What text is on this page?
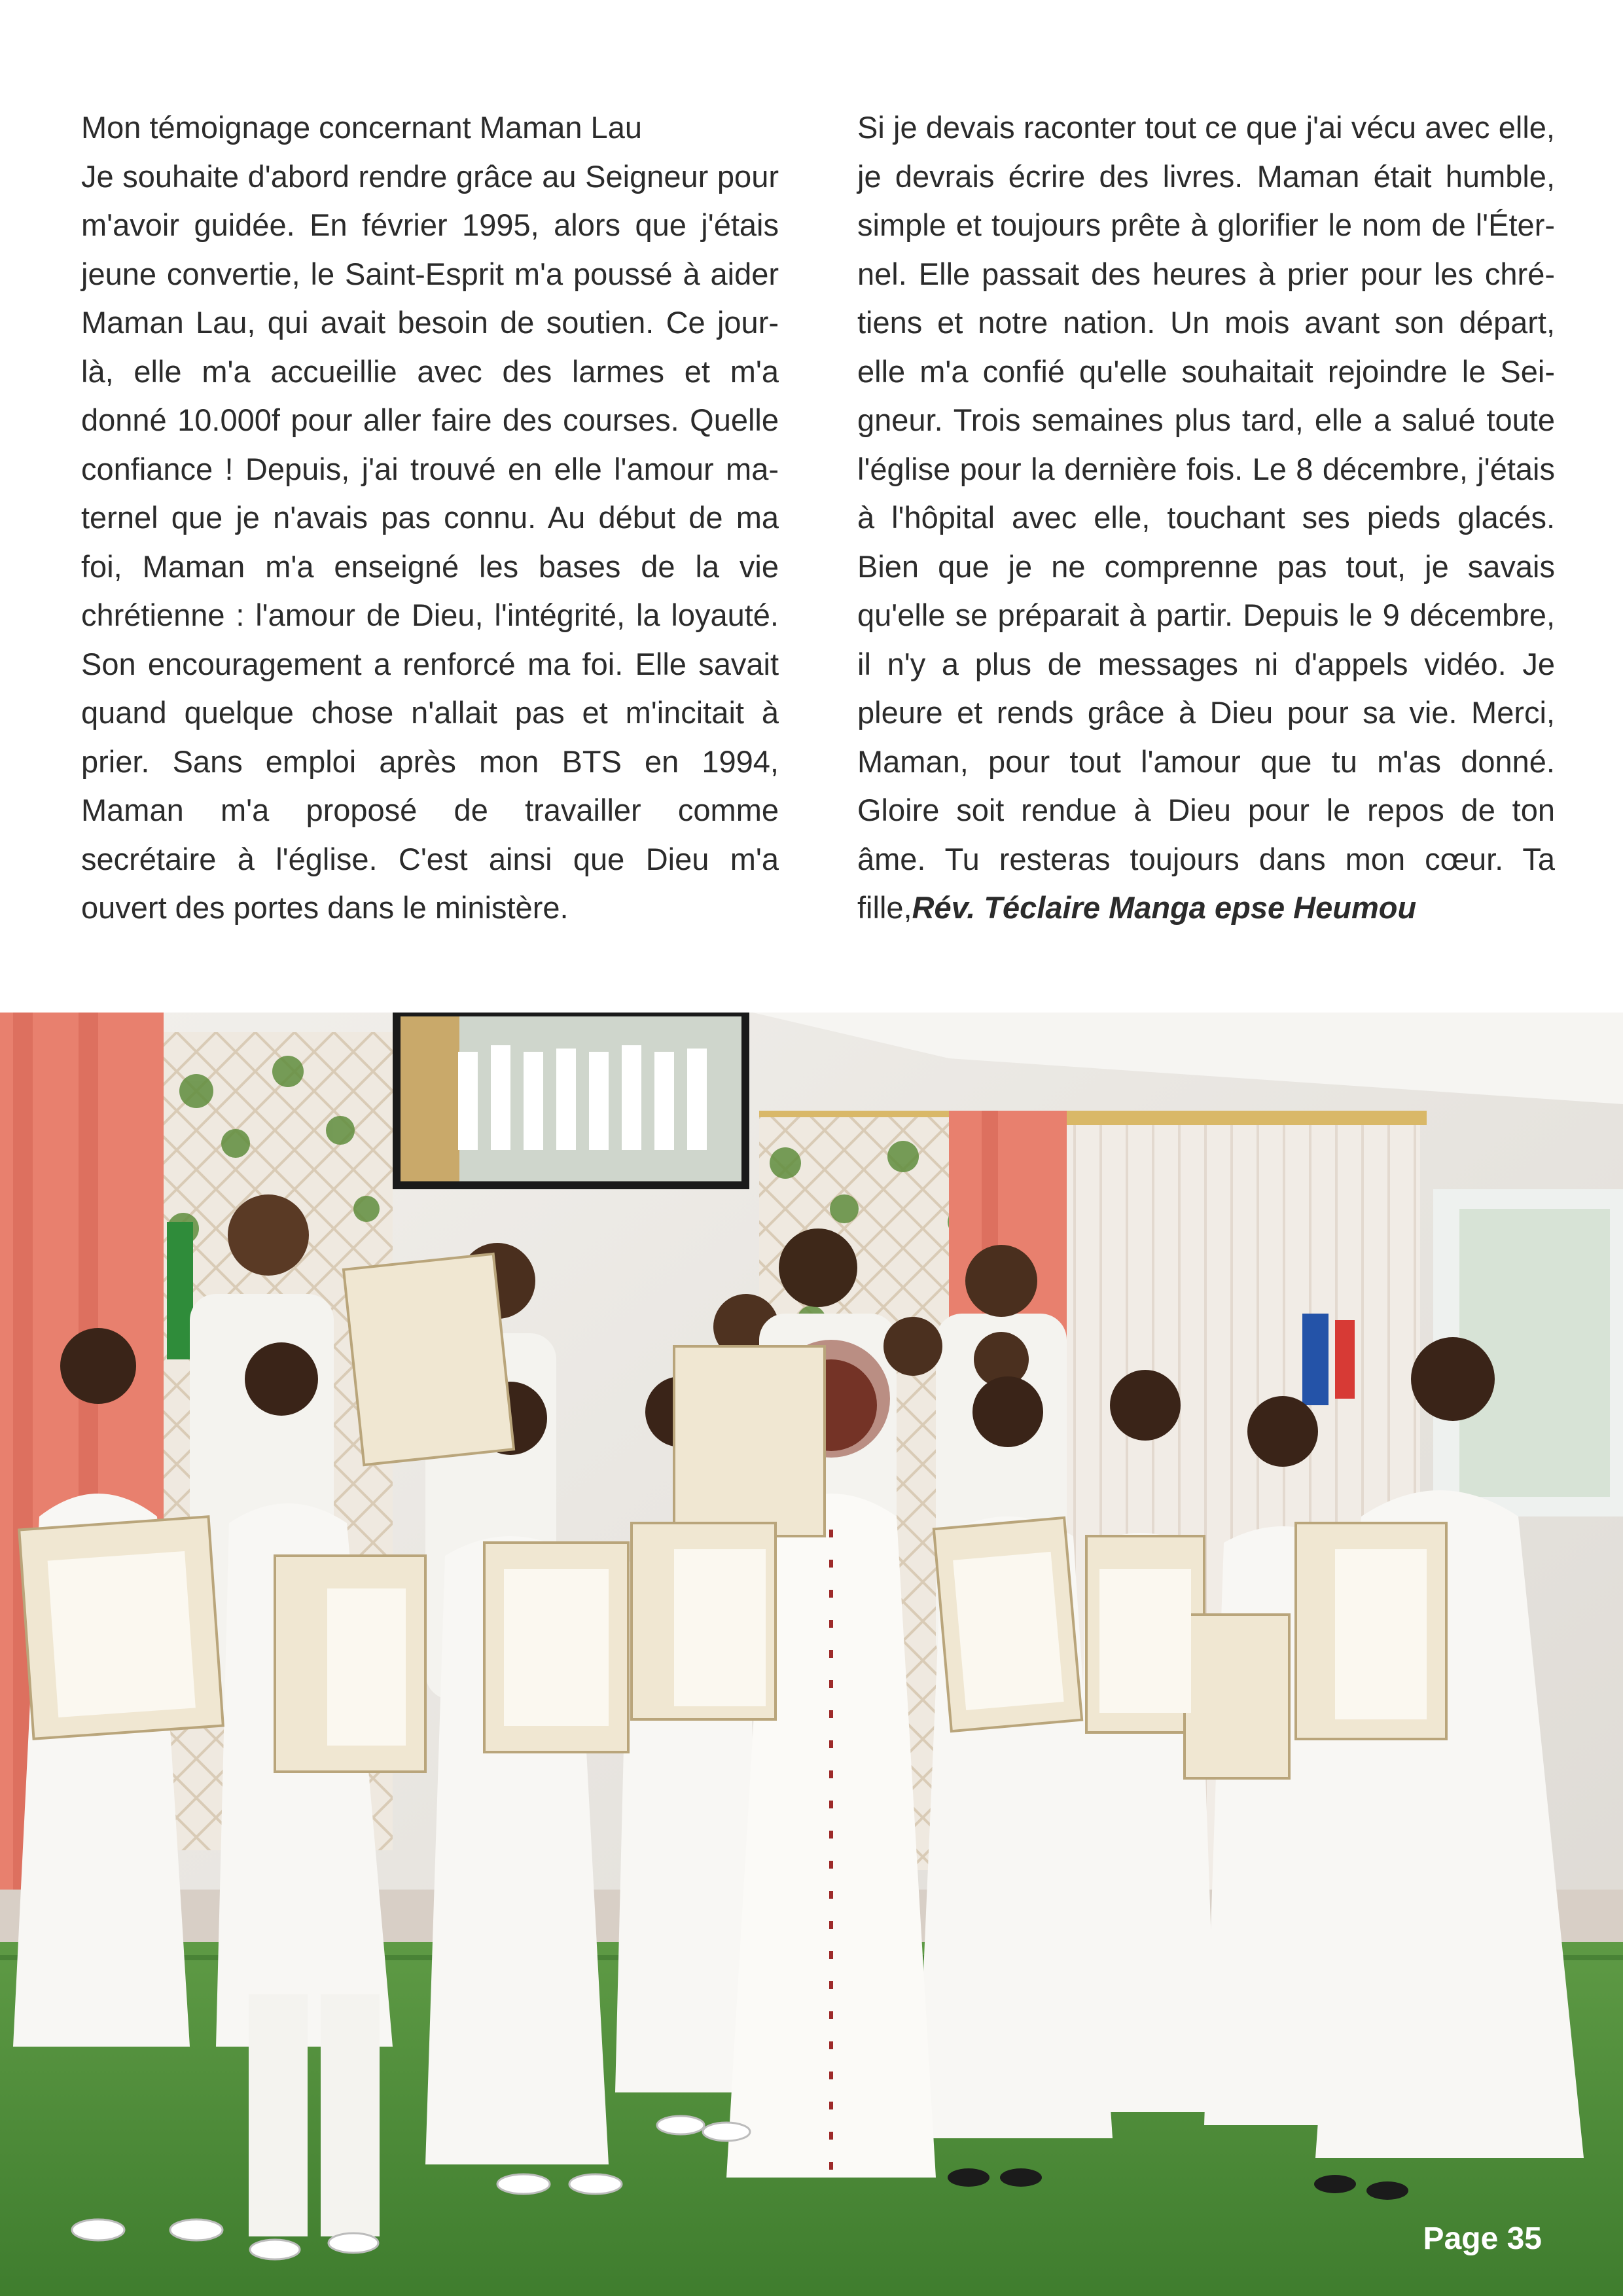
Mon témoignage concernant Maman Lau

Je souhaite d'abord rendre grâce au Seigneur pour m'avoir guidée. En février 1995, alors que j'étais jeune convertie, le Saint-Esprit m'a poussé à aider Maman Lau, qui avait besoin de soutien. Ce jour-là, elle m'a accueillie avec des larmes et m'a donné 10.000f pour aller faire des courses. Quelle confiance ! Depuis, j'ai trouvé en elle l'amour maternel que je n'avais pas connu. Au début de ma foi, Maman m'a enseigné les bases de la vie chrétienne : l'amour de Dieu, l'intégrité, la loyauté. Son encouragement a renforcé ma foi. Elle savait quand quelque chose n'allait pas et m'incitait à prier. Sans emploi après mon BTS en 1994, Maman m'a proposé de travailler comme secrétaire à l'église. C'est ainsi que Dieu m'a ouvert des portes dans le ministère.

Si je devais raconter tout ce que j'ai vécu avec elle, je devrais écrire des livres. Maman était humble, simple et toujours prête à glorifier le nom de l'Éternel. Elle passait des heures à prier pour les chrétiens et notre nation. Un mois avant son départ, elle m'a confié qu'elle souhaitait rejoindre le Seigneur. Trois semaines plus tard, elle a salué toute l'église pour la dernière fois. Le 8 décembre, j'étais à l'hôpital avec elle, touchant ses pieds glacés. Bien que je ne comprenne pas tout, je savais qu'elle se préparait à partir. Depuis le 9 décembre, il n'y a plus de messages ni d'appels vidéo. Je pleure et rends grâce à Dieu pour sa vie. Merci, Maman, pour tout l'amour que tu m'as donné. Gloire soit rendue à Dieu pour le repos de ton âme. Tu resteras toujours dans mon cœur. Ta fille,Rév. Téclaire Manga epse Heumou

Page 35
